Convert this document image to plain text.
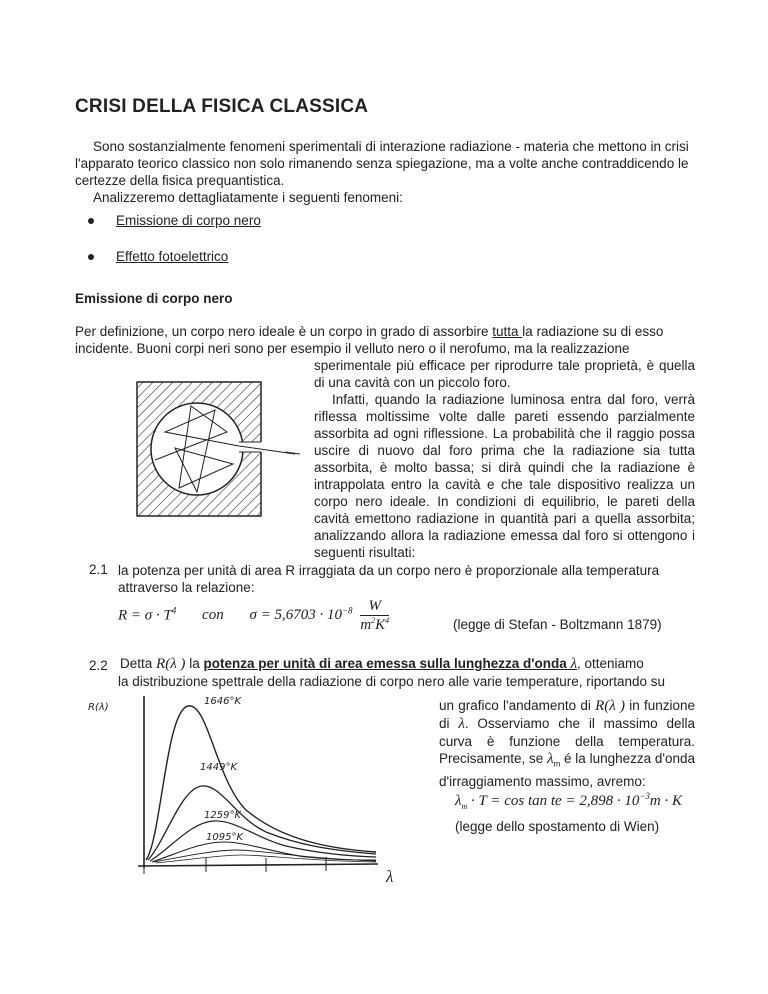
CRISI DELLA FISICA CLASSICA

Sono sostanzialmente fenomeni sperimentali di interazione radiazione - materia che mettono in crisi l'apparato teorico classico non solo rimanendo senza spiegazione, ma a volte anche contraddicendo le certezze della fisica prequantistica.

Analizzeremo dettagliatamente i seguenti fenomeni:

Emissione di corpo nero
Effetto fotoelettrico
Emissione di corpo nero
Per definizione, un corpo nero ideale è un corpo in grado di assorbire tutta la radiazione su di esso incidente. Buoni corpi neri sono per esempio il velluto nero o il nerofumo, ma la realizzazione
sperimentale più efficace per riprodurre tale proprietà, è quella di una cavità con un piccolo foro.
Infatti, quando la radiazione luminosa entra dal foro, verrà riflessa moltissime volte dalle pareti essendo parzialmente assorbita ad ogni riflessione. La probabilità che il raggio possa uscire di nuovo dal foro prima che la radiazione sia tutta assorbita, è molto bassa; si dirà quindi che la radiazione è intrappolata entro la cavità e che tale dispositivo realizza un corpo nero ideale. In condizioni di equilibrio, le pareti della cavità emettono radiazione in quantità pari a quella assorbita; analizzando allora la radiazione emessa dal foro si ottengono i seguenti risultati:
2.1 la potenza per unità di area R irraggiata da un corpo nero è proporzionale alla temperatura attraverso la relazione:
$R = \sigma \cdot T^4$ con $\sigma = 5,6703 \cdot 10^{-8} \frac{W}{m^2K^4}$	(legge di Stefan - Boltzmann 1879)
2.2 Detta R(λ ) la potenza per unità di area emessa sulla lunghezza d'onda λ, otteniamo
la distribuzione spettrale della radiazione di corpo nero alle varie temperature, riportando su
un grafico l'andamento di R(λ ) in funzione di λ. Osserviamo che il massimo della curva è funzione della temperatura. Precisamente, se $\lambda_m$ é la lunghezza d'onda d'irraggiamento massimo, avremo:
$\lambda_m \cdot T = \cos \tan$ te = $2,898 \cdot 10^{-3}m \cdot K$
(legge dello spostamento di Wien)
R(λ)
λ
1646°K
1449°K
1259°K
1095°K
